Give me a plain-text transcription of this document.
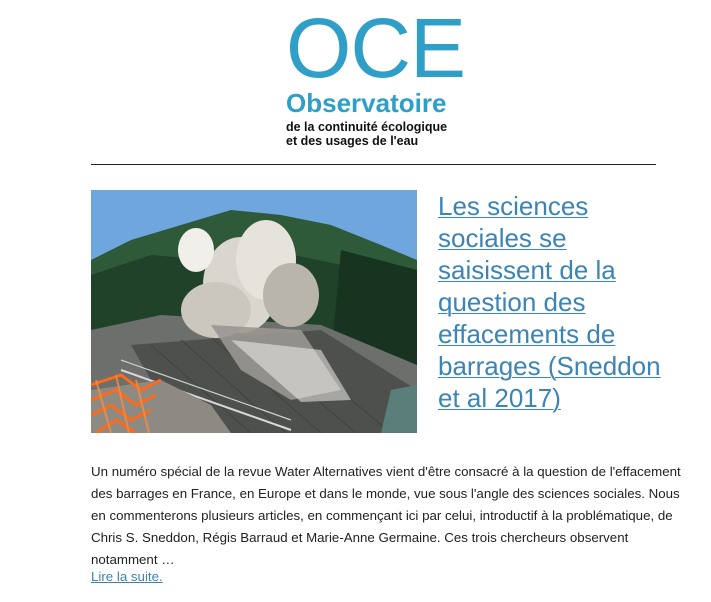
OCE
Observatoire
de la continuité écologique
et des usages de l'eau
Les sciences sociales se saisissent de la question des effacements de barrages (Sneddon et al 2017)
Un numéro spécial de la revue Water Alternatives vient d'être consacré à la question de l'effacement des barrages en France, en Europe et dans le monde, vue sous l'angle des sciences sociales. Nous en commenterons plusieurs articles, en commençant ici par celui, introductif à la problématique, de Chris S. Sneddon, Régis Barraud et Marie-Anne Germaine. Ces trois chercheurs observent notamment …
Lire la suite.
